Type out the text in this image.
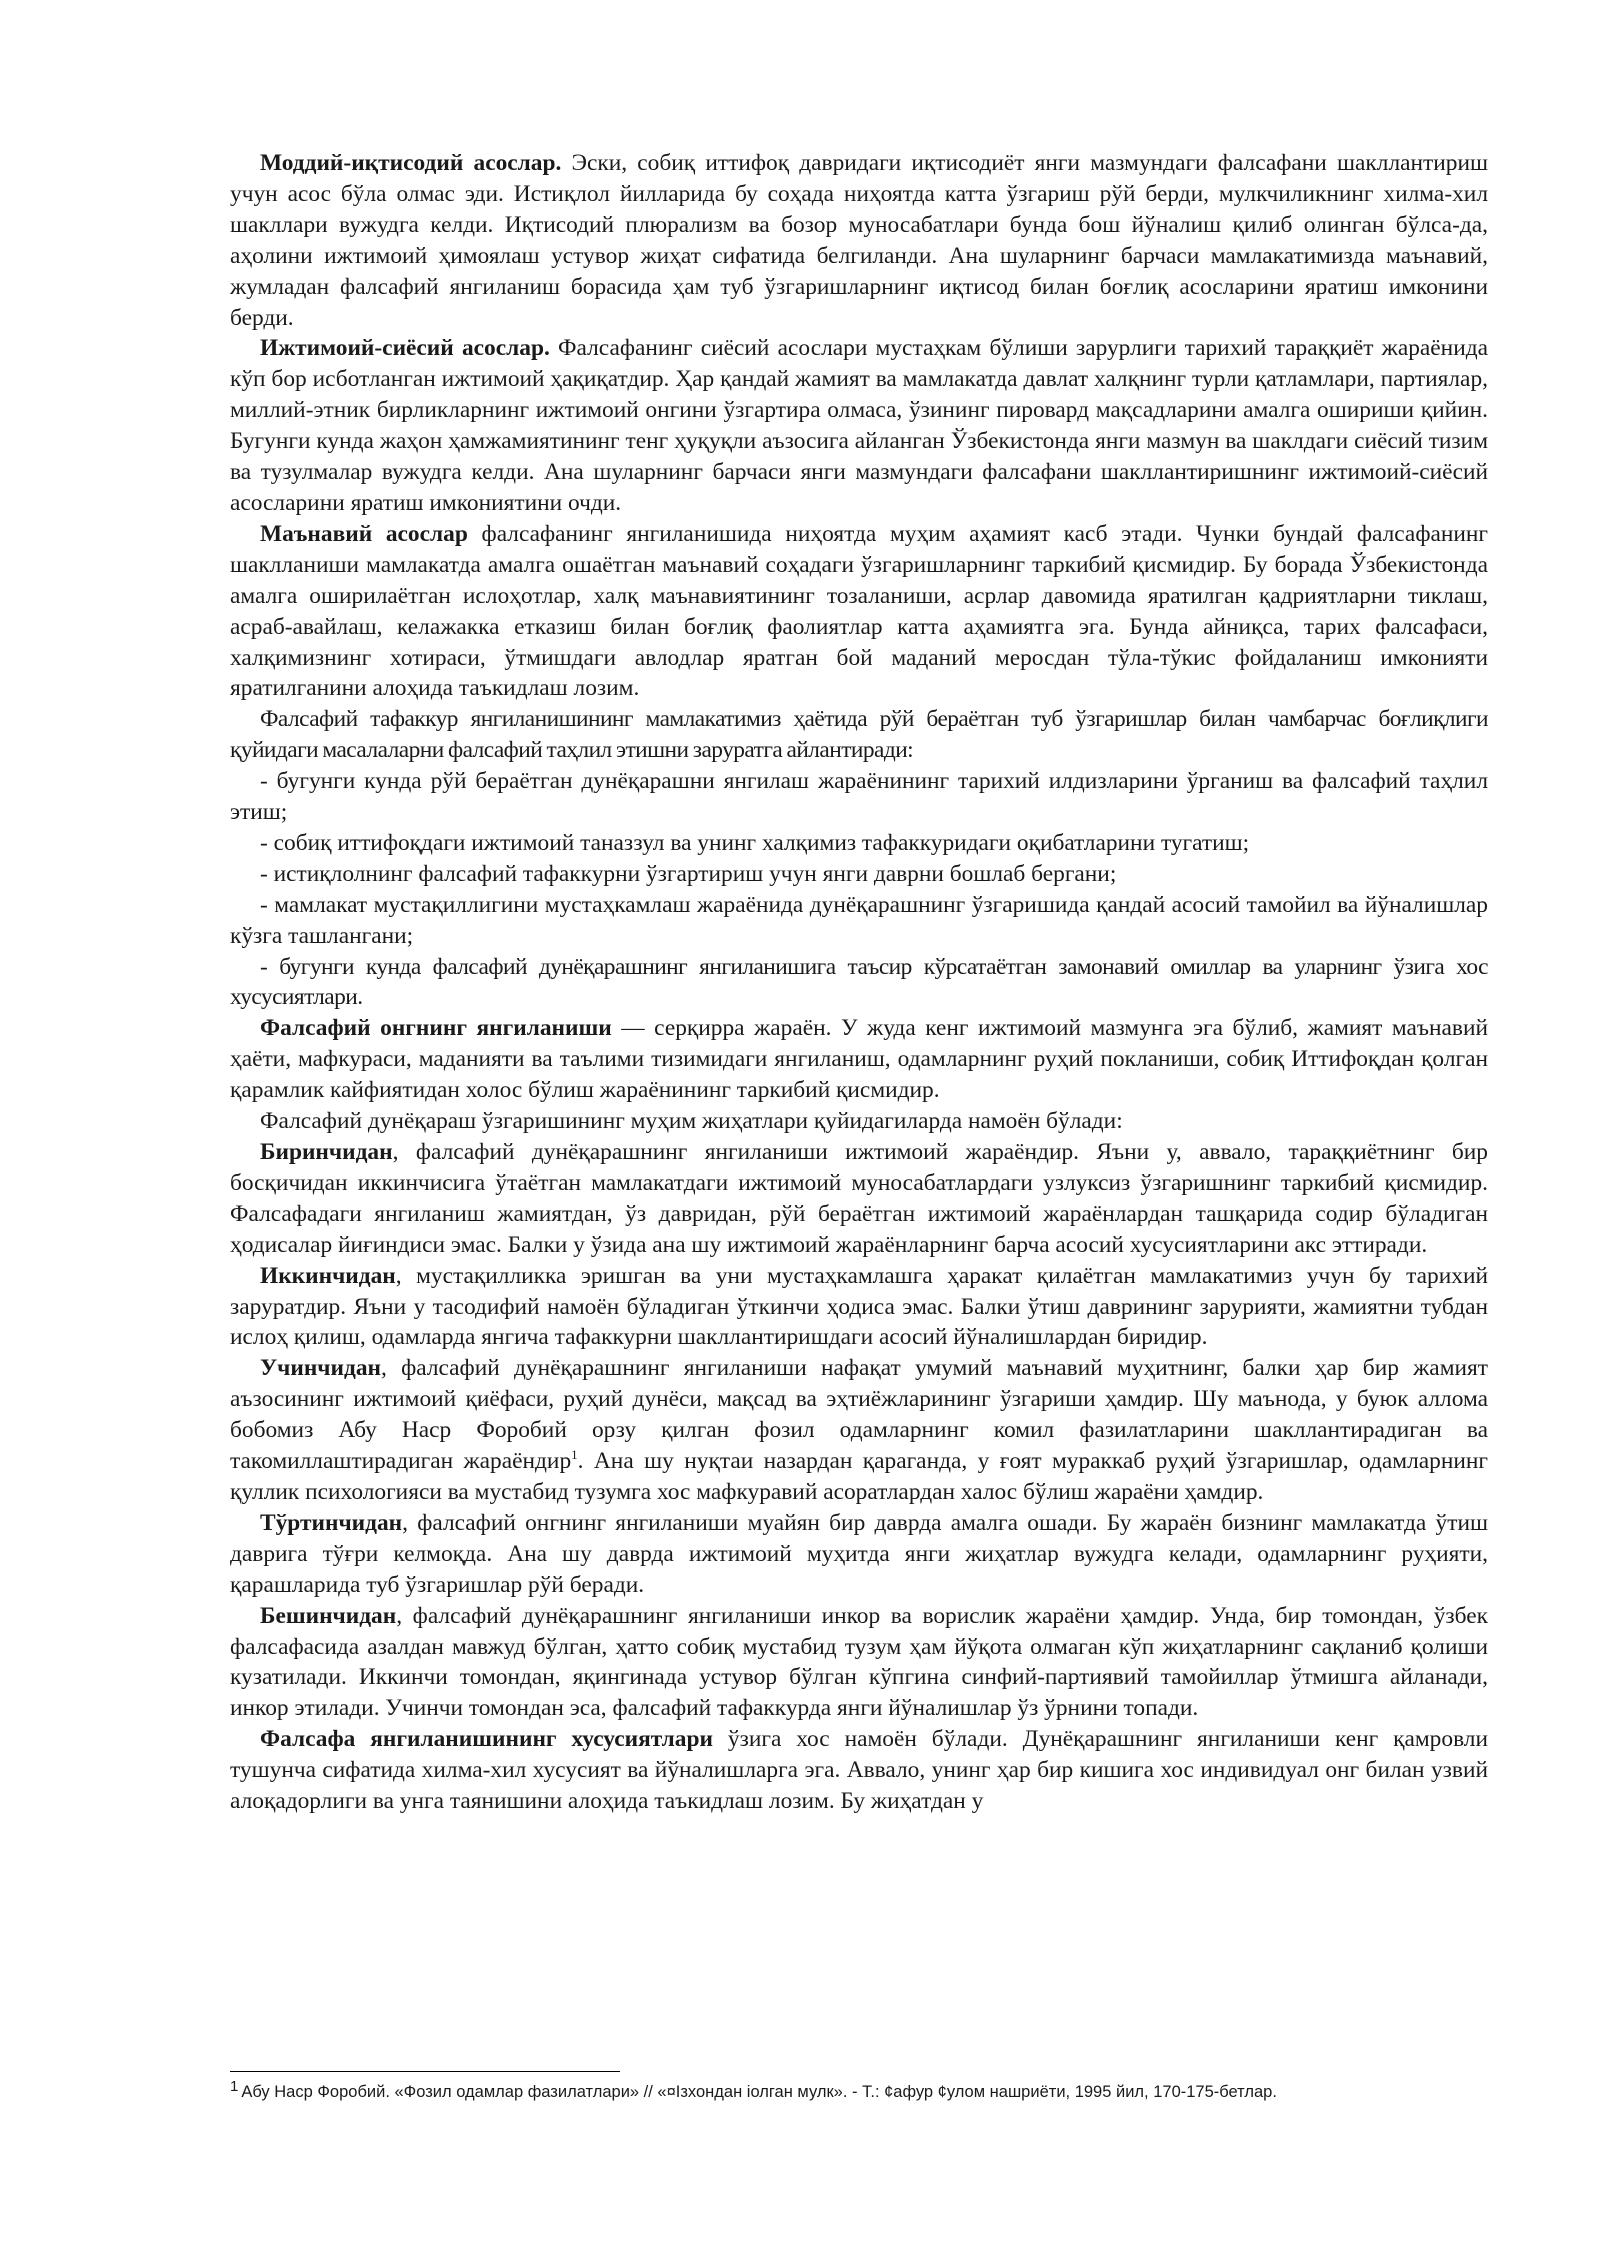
Моддий-иқтисодий асослар. Эски, собиқ иттифоқ давридаги иқтисодиёт янги мазмундаги фалсафани шакллантириш учун асос бўла олмас эди. Истиқлол йилларида бу соҳада ниҳоятда катта ўзгариш рўй берди, мулкчиликнинг хилма-хил шакллари вужудга келди. Иқтисодий плюрализм ва бозор муносабатлари бунда бош йўналиш қилиб олинган бўлса-да, аҳолини ижтимоий ҳимоялаш устувор жиҳат сифатида белгиланди. Ана шуларнинг барчаси мамлакатимизда маънавий, жумладан фалсафий янгиланиш борасида ҳам туб ўзгаришларнинг иқтисод билан боғлиқ асосларини яратиш имконини берди.

Ижтимоий-сиёсий асослар. Фалсафанинг сиёсий асослари мустаҳкам бўлиши зарурлиги тарихий тараққиёт жараёнида кўп бор исботланган ижтимоий ҳақиқатдир. Ҳар қандай жамият ва мамлакатда давлат халқнинг турли қатламлари, партиялар, миллий-этник бирликларнинг ижтимоий онгини ўзгартира олмаса, ўзининг пировард мақсадларини амалга ошириши қийин. Бугунги кунда жаҳон ҳамжамиятининг тенг ҳуқуқли аъзосига айланган Ўзбекистонда янги мазмун ва шаклдаги сиёсий тизим ва тузулмалар вужудга келди. Ана шуларнинг барчаси янги мазмундаги фалсафани шакллантиришнинг ижтимоий-сиёсий асосларини яратиш имкониятини очди.

Маънавий асослар фалсафанинг янгиланишида ниҳоятда муҳим аҳамият касб этади. Чунки бундай фалсафанинг шаклланиши мамлакатда амалга ошаётган маънавий соҳадаги ўзгаришларнинг таркибий қисмидир. Бу борада Ўзбекистонда амалга оширилаётган ислоҳотлар, халқ маънавиятининг тозаланиши, асрлар давомида яратилган қадриятларни тиклаш, асраб-авайлаш, келажакка етказиш билан боғлиқ фаолиятлар катта аҳамиятга эга. Бунда айниқса, тарих фалсафаси, халқимизнинг хотираси, ўтмишдаги авлодлар яратган бой маданий меросдан тўла-тўкис фойдаланиш имконияти яратилганини алоҳида таъкидлаш лозим.

Фалсафий тафаккур янгиланишининг мамлакатимиз ҳаётида рўй бераётган туб ўзгаришлар билан чамбарчас боғлиқлиги қуйидаги масалаларни фалсафий таҳлил этишни заруратга айлантиради:

- бугунги кунда рўй бераётган дунёқарашни янгилаш жараёнининг тарихий илдизларини ўрганиш ва фалсафий таҳлил этиш;

- собиқ иттифоқдаги ижтимоий таназзул ва унинг халқимиз тафаккуридаги оқибатларини тугатиш;

- истиқлолнинг фалсафий тафаккурни ўзгартириш учун янги даврни бошлаб бергани;

- мамлакат мустақиллигини мустаҳкамлаш жараёнида дунёқарашнинг ўзгаришида қандай асосий тамойил ва йўналишлар кўзга ташлангани;

- бугунги кунда фалсафий дунёқарашнинг янгиланишига таъсир кўрсатаётган замонавий омиллар ва уларнинг ўзига хос хусусиятлари.

Фалсафий онгнинг янгиланиши — серқирра жараён. У жуда кенг ижтимоий мазмунга эга бўлиб, жамият маънавий ҳаёти, мафкураси, маданияти ва таълими тизимидаги янгиланиш, одамларнинг руҳий покланиши, собиқ Иттифоқдан қолган қарамлик кайфиятидан холос бўлиш жараёнининг таркибий қисмидир.

Фалсафий дунёқараш ўзгаришининг муҳим жиҳатлари қуйидагиларда намоён бўлади:

Биринчидан, фалсафий дунёқарашнинг янгиланиши ижтимоий жараёндир. Яъни у, аввало, тараққиётнинг бир босқичидан иккинчисига ўтаётган мамлакатдаги ижтимоий муносабатлардаги узлуксиз ўзгаришнинг таркибий қисмидир. Фалсафадаги янгиланиш жамиятдан, ўз давридан, рўй бераётган ижтимоий жараёнлардан ташқарида содир бўладиган ҳодисалар йиғиндиси эмас. Балки у ўзида ана шу ижтимоий жараёнларнинг барча асосий хусусиятларини акс эттиради.

Иккинчидан, мустақилликка эришган ва уни мустаҳкамлашга ҳаракат қилаётган мамлакатимиз учун бу тарихий заруратдир. Яъни у тасодифий намоён бўладиган ўткинчи ҳодиса эмас. Балки ўтиш даврининг зарурияти, жамиятни тубдан ислоҳ қилиш, одамларда янгича тафаккурни шакллантиришдаги асосий йўналишлардан биридир.

Учинчидан, фалсафий дунёқарашнинг янгиланиши нафақат умумий маънавий муҳитнинг, балки ҳар бир жамият аъзосининг ижтимоий қиёфаси, руҳий дунёси, мақсад ва эҳтиёжларининг ўзгариши ҳамдир. Шу маънода, у буюк аллома бобомиз Абу Наср Форобий орзу қилган фозил одамларнинг комил фазилатларини шакллантирадиган ва такомиллаштирадиган жараёндир$^1$. Ана шу нуқтаи назардан қараганда, у ғоят мураккаб руҳий ўзгаришлар, одамларнинг қуллик психологияси ва мустабид тузумга хос мафкуравий асоратлардан халос бўлиш жараёни ҳамдир.

Тўртинчидан, фалсафий онгнинг янгиланиши муайян бир даврда амалга ошади. Бу жараён бизнинг мамлакатда ўтиш даврига тўғри келмоқда. Ана шу даврда ижтимоий муҳитда янги жиҳатлар вужудга келади, одамларнинг руҳияти, қарашларида туб ўзгаришлар рўй беради.

Бешинчидан, фалсафий дунёқарашнинг янгиланиши инкор ва ворислик жараёни ҳамдир. Унда, бир томондан, ўзбек фалсафасида азалдан мавжуд бўлган, ҳатто собиқ мустабид тузум ҳам йўқота олмаган кўп жиҳатларнинг сақланиб қолиши кузатилади. Иккинчи томондан, яқингинада устувор бўлган кўпгина синфий-партиявий тамойиллар ўтмишга айланади, инкор этилади. Учинчи томондан эса, фалсафий тафаккурда янги йўналишлар ўз ўрнини топади.

Фалсафа янгиланишининг хусусиятлари ўзига хос намоён бўлади. Дунёқарашнинг янгиланиши кенг қамровли тушунча сифатида хилма-хил хусусият ва йўналишларга эга. Аввало, унинг ҳар бир кишига хос индивидуал онг билан узвий алоқадорлиги ва унга таянишини алоҳида таъкидлаш лозим. Бу жиҳатдан у

$^1$ Абу Наср Форобий. «Фозил одамлар фазилатлари» // «¤Ізхондан іолган мулк». - Т.: ¢афур ¢улом нашриёти, 1995 йил, 170-175-бетлар.
